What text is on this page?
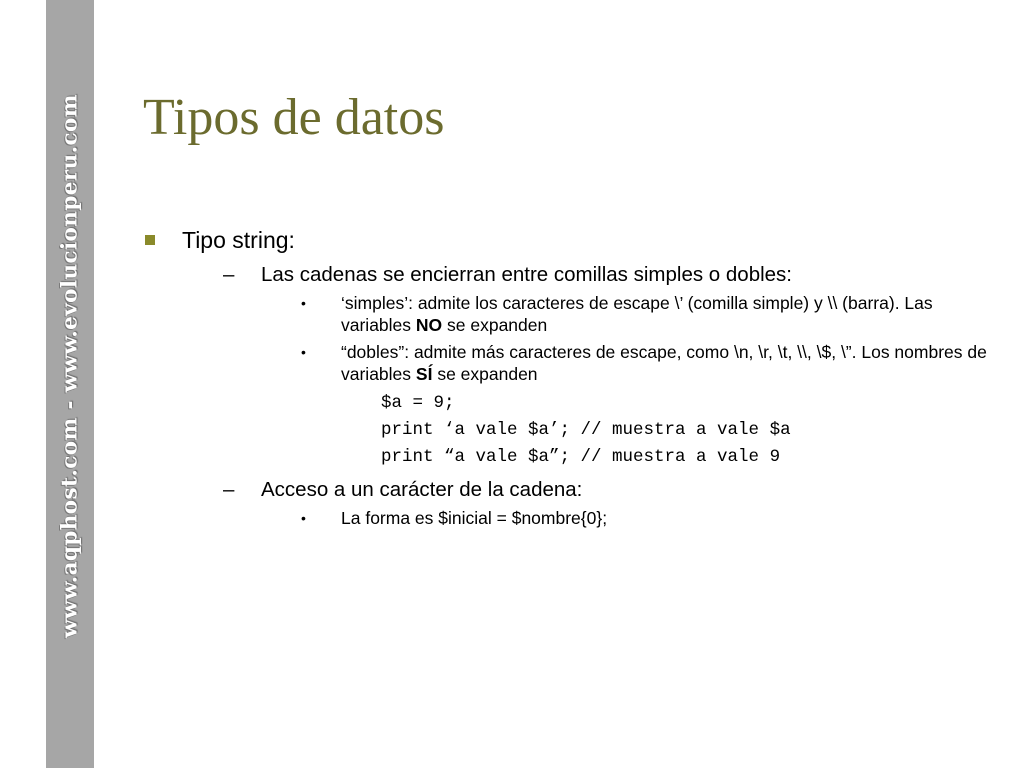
www.aqphost.com - www.evolucionperu.com Tipos de datos
Tipo string:
– Las cadenas se encierran entre comillas simples o dobles:
• ‘simples’: admite los caracteres de escape \’ (comilla simple) y \\ (barra). Las variables NO se expanden
• “dobles”: admite más caracteres de escape, como \n, \r, \t, \\, \$, \”. Los nombres de variables SÍ se expanden
$a = 9;
print ‘a vale $a’; // muestra a vale $a
print “a vale $a”; // muestra a vale 9
– Acceso a un carácter de la cadena:
• La forma es $inicial = $nombre{0};
